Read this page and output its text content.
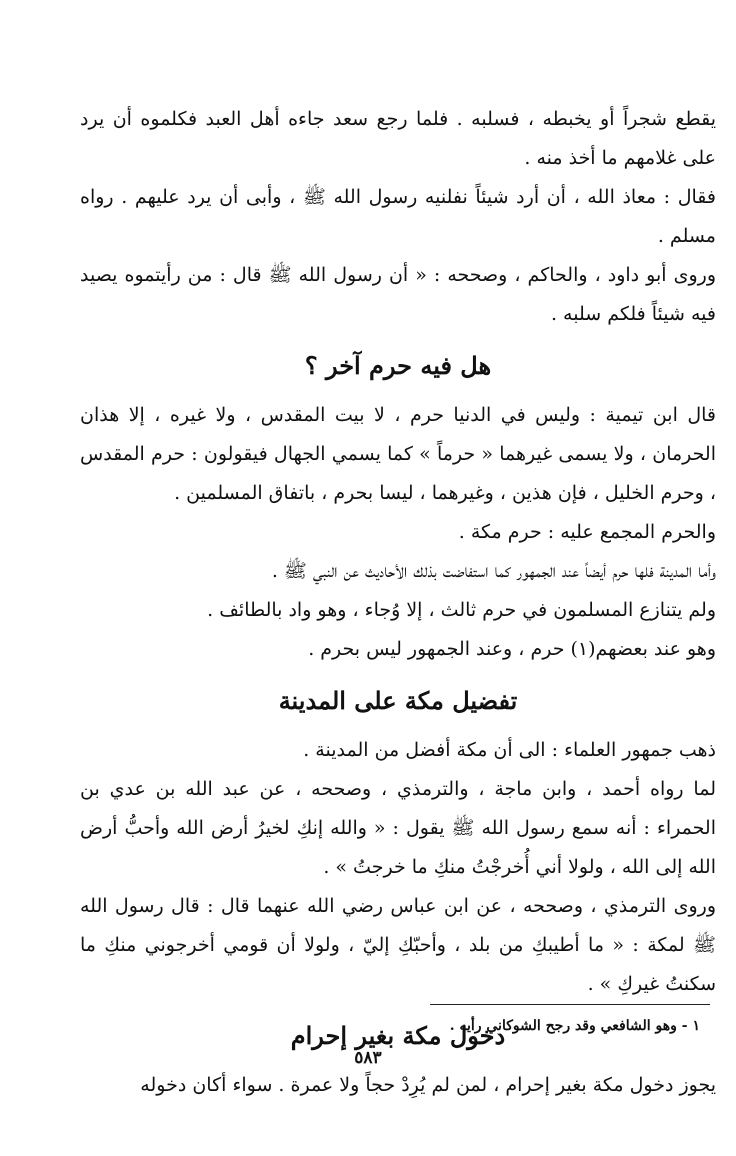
يقطع شجراً أو يخبطه ، فسلبه . فلما رجع سعد جاءه أهل العبد فكلموه أن يرد على غلامهم ما أخذ منه .

فقال : معاذ الله ، أن أرد شيئاً نفلنيه رسول الله ﷺ ، وأبى أن يرد عليهم . رواه مسلم .

وروى أبو داود ، والحاكم ، وصححه : « أن رسول الله ﷺ قال : من رأيتموه يصيد فيه شيئاً فلكم سلبه .

هل فيه حرم آخر ؟

قال ابن تيمية : وليس في الدنيا حرم ، لا بيت المقدس ، ولا غيره ، إلا هذان الحرمان ، ولا يسمى غيرهما « حرماً » كما يسمي الجهال فيقولون : حرم المقدس ، وحرم الخليل ، فإن هذين ، وغيرهما ، ليسا بحرم ، باتفاق المسلمين .

والحرم المجمع عليه : حرم مكة .

وأما المدينة فلها حرم أيضاً عند الجمهور كما استفاضت بذلك الأحاديث عن النبي ﷺ .

ولم يتنازع المسلمون في حرم ثالث ، إلا وُجاء ، وهو واد بالطائف .

وهو عند بعضهم(١) حرم ، وعند الجمهور ليس بحرم .

تفضيل مكة على المدينة

ذهب جمهور العلماء : الى أن مكة أفضل من المدينة .

لما رواه أحمد ، وابن ماجة ، والترمذي ، وصححه ، عن عبد الله بن عدي بن الحمراء : أنه سمع رسول الله ﷺ يقول : « والله إنكِ لخيرُ أرض الله وأحبُّ أرض الله إلى الله ، ولولا أني أُخرجْتُ منكِ ما خرجتُ » .

وروى الترمذي ، وصححه ، عن ابن عباس رضي الله عنهما قال : قال رسول الله ﷺ لمكة : « ما أطيبكِ من بلد ، وأحبّكِ إليّ ، ولولا أن قومي أخرجوني منكِ ما سكنتُ غيركِ » .

دخول مكة بغير إحرام

يجوز دخول مكة بغير إحرام ، لمن لم يُرِدْ حجاً ولا عمرة . سواء أكان دخوله

١ - وهو الشافعي وقد رجح الشوكاني رأيه .
٥٨٣
